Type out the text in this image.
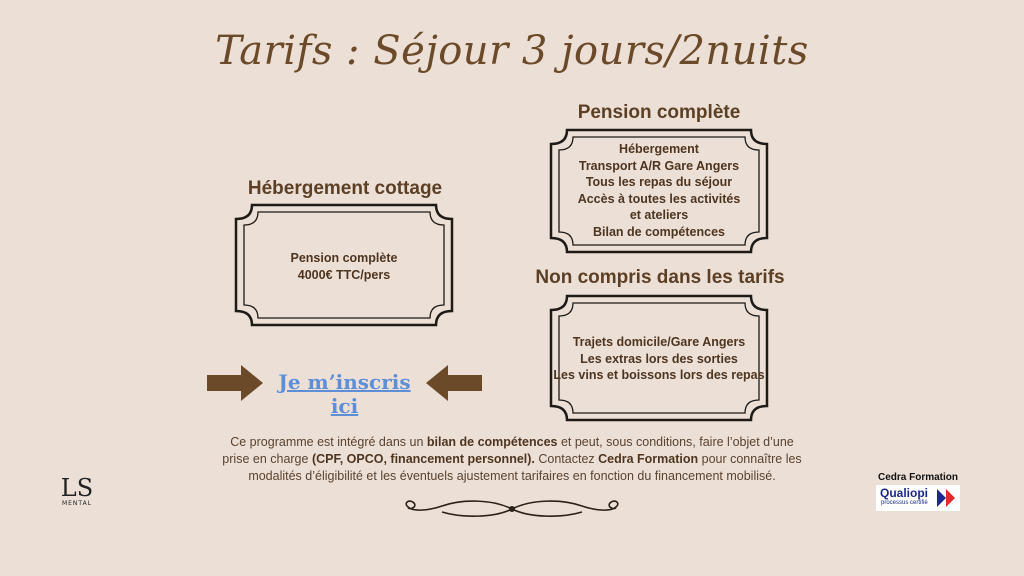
Tarifs : Séjour 3 jours/2nuits
Hébergement cottage
Pension complète
4000€ TTC/pers
Pension complète
Hébergement
Transport A/R Gare Angers
Tous les repas du séjour
Accès à toutes les activités
et ateliers
Bilan de compétences
Non compris dans les tarifs
Trajets domicile/Gare Angers
Les extras lors des sorties
Les vins et boissons lors des repas
Je m’inscris ici
Ce programme est intégré dans un bilan de compétences et peut, sous conditions, faire l’objet d’une prise en charge (CPF, OPCO, financement personnel). Contactez Cedra Formation pour connaître les modalités d’éligibilité et les éventuels ajustement tarifaires en fonction du financement mobilisé.
LS
MENTAL
Cedra Formation
Qualiopi
processus certifié
